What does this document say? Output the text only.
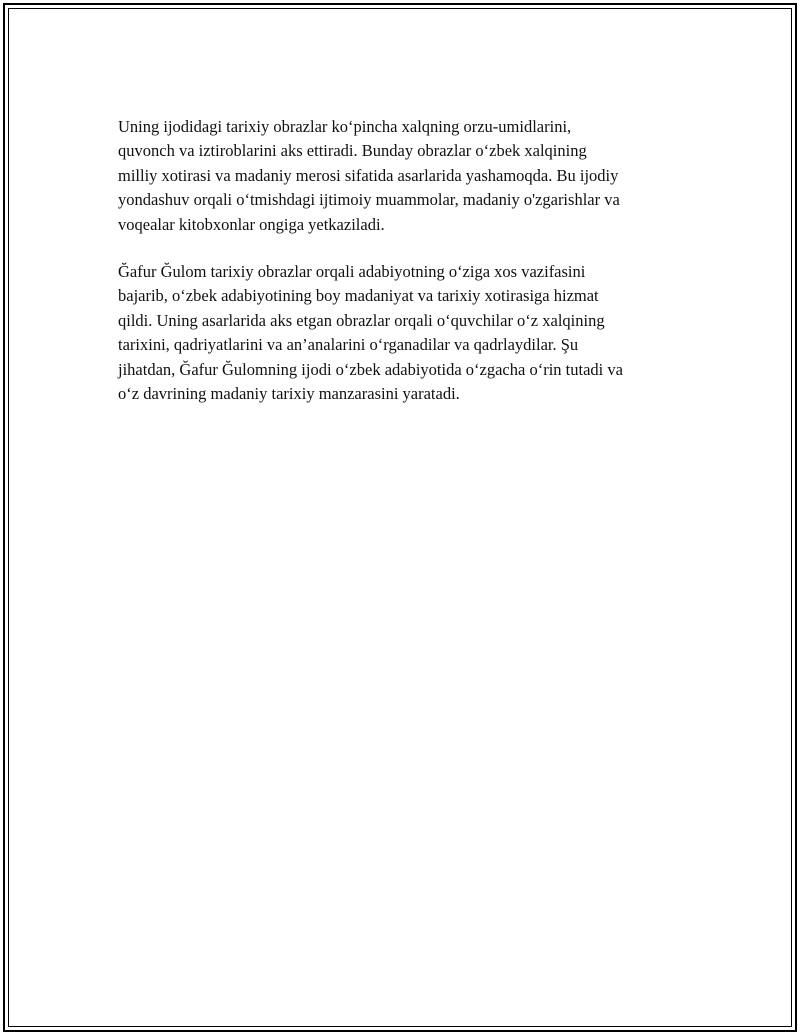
Uning ijodidagi tarixiy obrazlar ko‘pincha xalqning orzu-umidlarini,
quvonch va iztiroblarini aks ettiradi. Bunday obrazlar o‘zbek xalqining
milliy xotirasi va madaniy merosi sifatida asarlarida yashamoqda. Bu ijodiy
yondashuv orqali o‘tmishdagi ijtimoiy muammolar, madaniy o'zgarishlar va
voqealar kitobxonlar ongiga yetkaziladi.

Ğafur Ğulom tarixiy obrazlar orqali adabiyotning o‘ziga xos vazifasini
bajarib, o‘zbek adabiyotining boy madaniyat va tarixiy xotirasiga hizmat
qildi. Uning asarlarida aks etgan obrazlar orqali o‘quvchilar o‘z xalqining
tarixini, qadriyatlarini va an’analarini o‘rganadilar va qadrlaydilar. Şu
jihatdan, Ğafur Ğulomning ijodi o‘zbek adabiyotida o‘zgacha o‘rin tutadi va
o‘z davrining madaniy tarixiy manzarasini yaratadi.
